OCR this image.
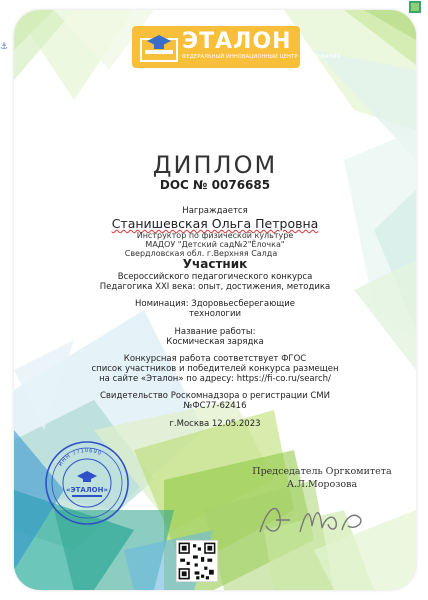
⚓	ЭТАЛОН
ФЕДЕРАЛЬНЫЙ ИННОВАЦИОННЫЙ ЦЕНТР ОБРАЗОВАНИЯ
ДИПЛОМ
DOC № 0076685
Награждается
Станишевская Ольга Петровна
Инструктор по физической культуре
МАДОУ "Детский сад№2"Ёлочка"
Свердловская обл. г.Верхняя Салда
Участник
Всероссийского педагогического конкурса
Педагогика XXI века: опыт, достижения, методика
Номинация: Здоровьесберегающие
технологии
Название работы:
Космическая зарядка
Конкурсная работа соответствует ФГОС
список участников и победителей конкурса размещен
на сайте «Эталон» по адресу: https://fi-co.ru/search/
Свидетельство Роскомнадзора о регистрации СМИ
№ФС77-62416
г.Москва 12.05.2023
ИНН 7710690
«ЭТАЛОН»
Председатель Оргкомитета
А.Л.Морозова
